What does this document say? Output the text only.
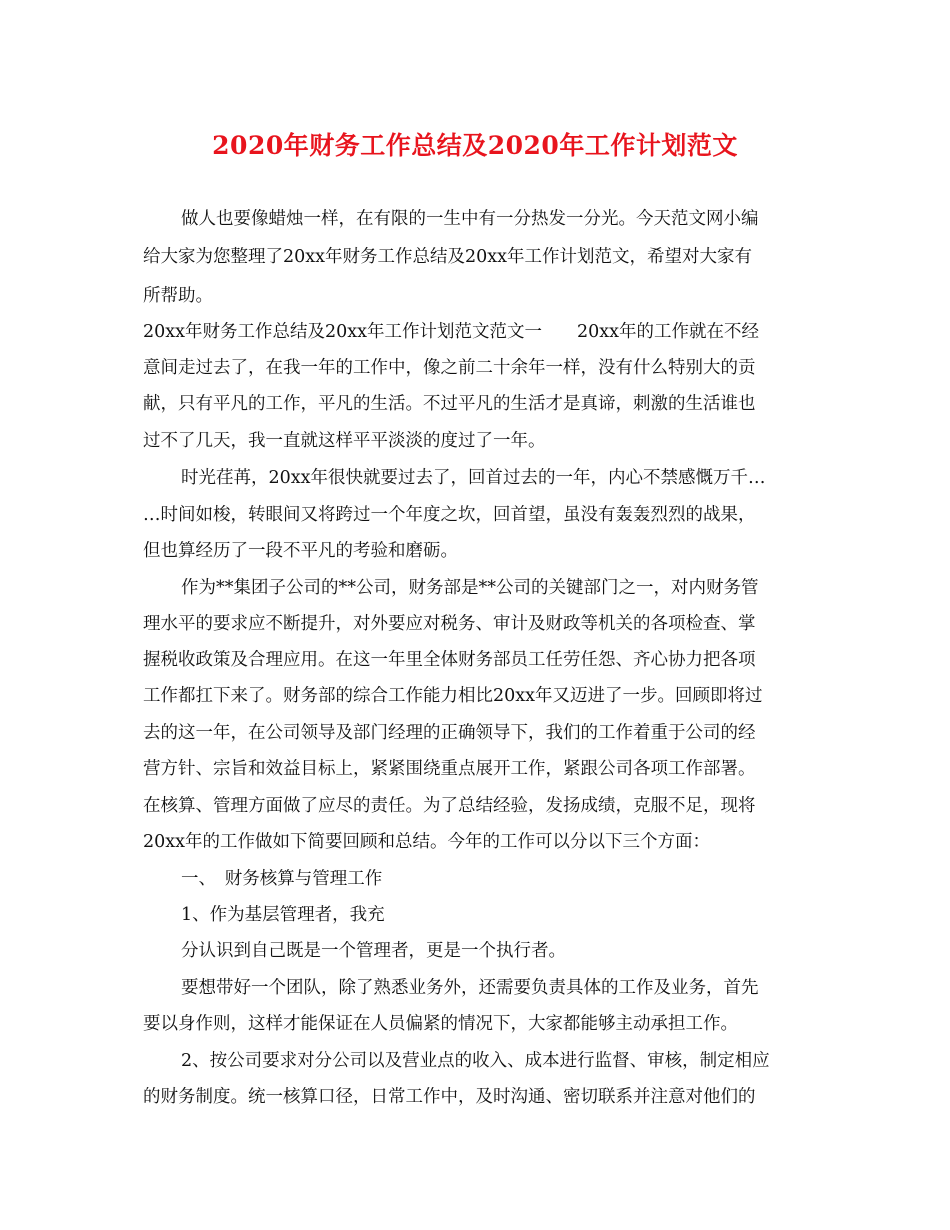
2020年财务工作总结及2020年工作计划范文
做人也要像蜡烛一样，在有限的一生中有一分热发一分光。今天范文网小编
给大家为您整理了20xx年财务工作总结及20xx年工作计划范文，希望对大家有
所帮助。
20xx年财务工作总结及20xx年工作计划范文范文一　　20xx年的工作就在不经
意间走过去了，在我一年的工作中，像之前二十余年一样，没有什么特别大的贡
献，只有平凡的工作，平凡的生活。不过平凡的生活才是真谛，刺激的生活谁也
过不了几天，我一直就这样平平淡淡的度过了一年。
时光荏苒，20xx年很快就要过去了，回首过去的一年，内心不禁感慨万千…
…时间如梭，转眼间又将跨过一个年度之坎，回首望，虽没有轰轰烈烈的战果，
但也算经历了一段不平凡的考验和磨砺。
作为**集团子公司的**公司，财务部是**公司的关键部门之一，对内财务管
理水平的要求应不断提升，对外要应对税务、审计及财政等机关的各项检查、掌
握税收政策及合理应用。在这一年里全体财务部员工任劳任怨、齐心协力把各项
工作都扛下来了。财务部的综合工作能力相比20xx年又迈进了一步。回顾即将过
去的这一年，在公司领导及部门经理的正确领导下，我们的工作着重于公司的经
营方针、宗旨和效益目标上，紧紧围绕重点展开工作，紧跟公司各项工作部署。
在核算、管理方面做了应尽的责任。为了总结经验，发扬成绩，克服不足，现将
20xx年的工作做如下简要回顾和总结。今年的工作可以分以下三个方面：
一、　财务核算与管理工作
1、作为基层管理者，我充
分认识到自己既是一个管理者，更是一个执行者。
要想带好一个团队，除了熟悉业务外，还需要负责具体的工作及业务，首先
要以身作则，这样才能保证在人员偏紧的情况下，大家都能够主动承担工作。
2、按公司要求对分公司以及营业点的收入、成本进行监督、审核，制定相应
的财务制度。统一核算口径，日常工作中，及时沟通、密切联系并注意对他们的
